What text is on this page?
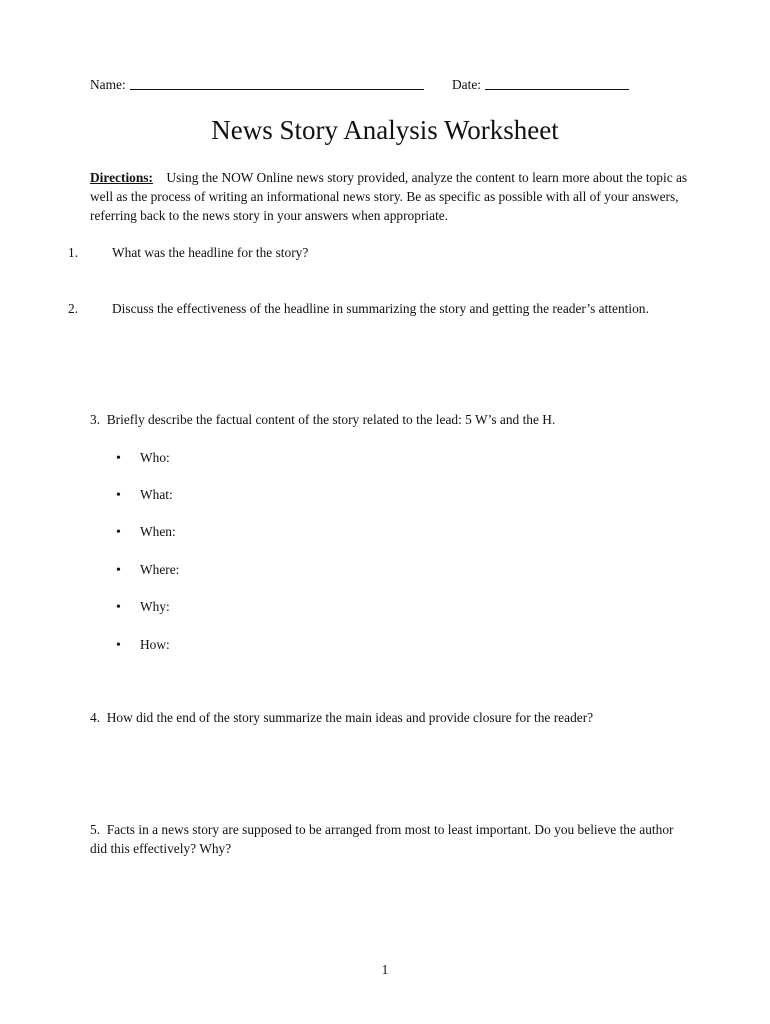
Name:	Date:
News Story Analysis Worksheet
Directions: Using the NOW Online news story provided, analyze the content to learn more about the topic as well as the process of writing an informational news story. Be as specific as possible with all of your answers, referring back to the news story in your answers when appropriate.
1.	What was the headline for the story?
2.	Discuss the effectiveness of the headline in summarizing the story and getting the reader’s attention.
3. Briefly describe the factual content of the story related to the lead: 5 W’s and the H.
• Who:
• What:
• When:
• Where:
• Why:
• How:
4. How did the end of the story summarize the main ideas and provide closure for the reader?
5. Facts in a news story are supposed to be arranged from most to least important. Do you believe the author did this effectively? Why?
1
